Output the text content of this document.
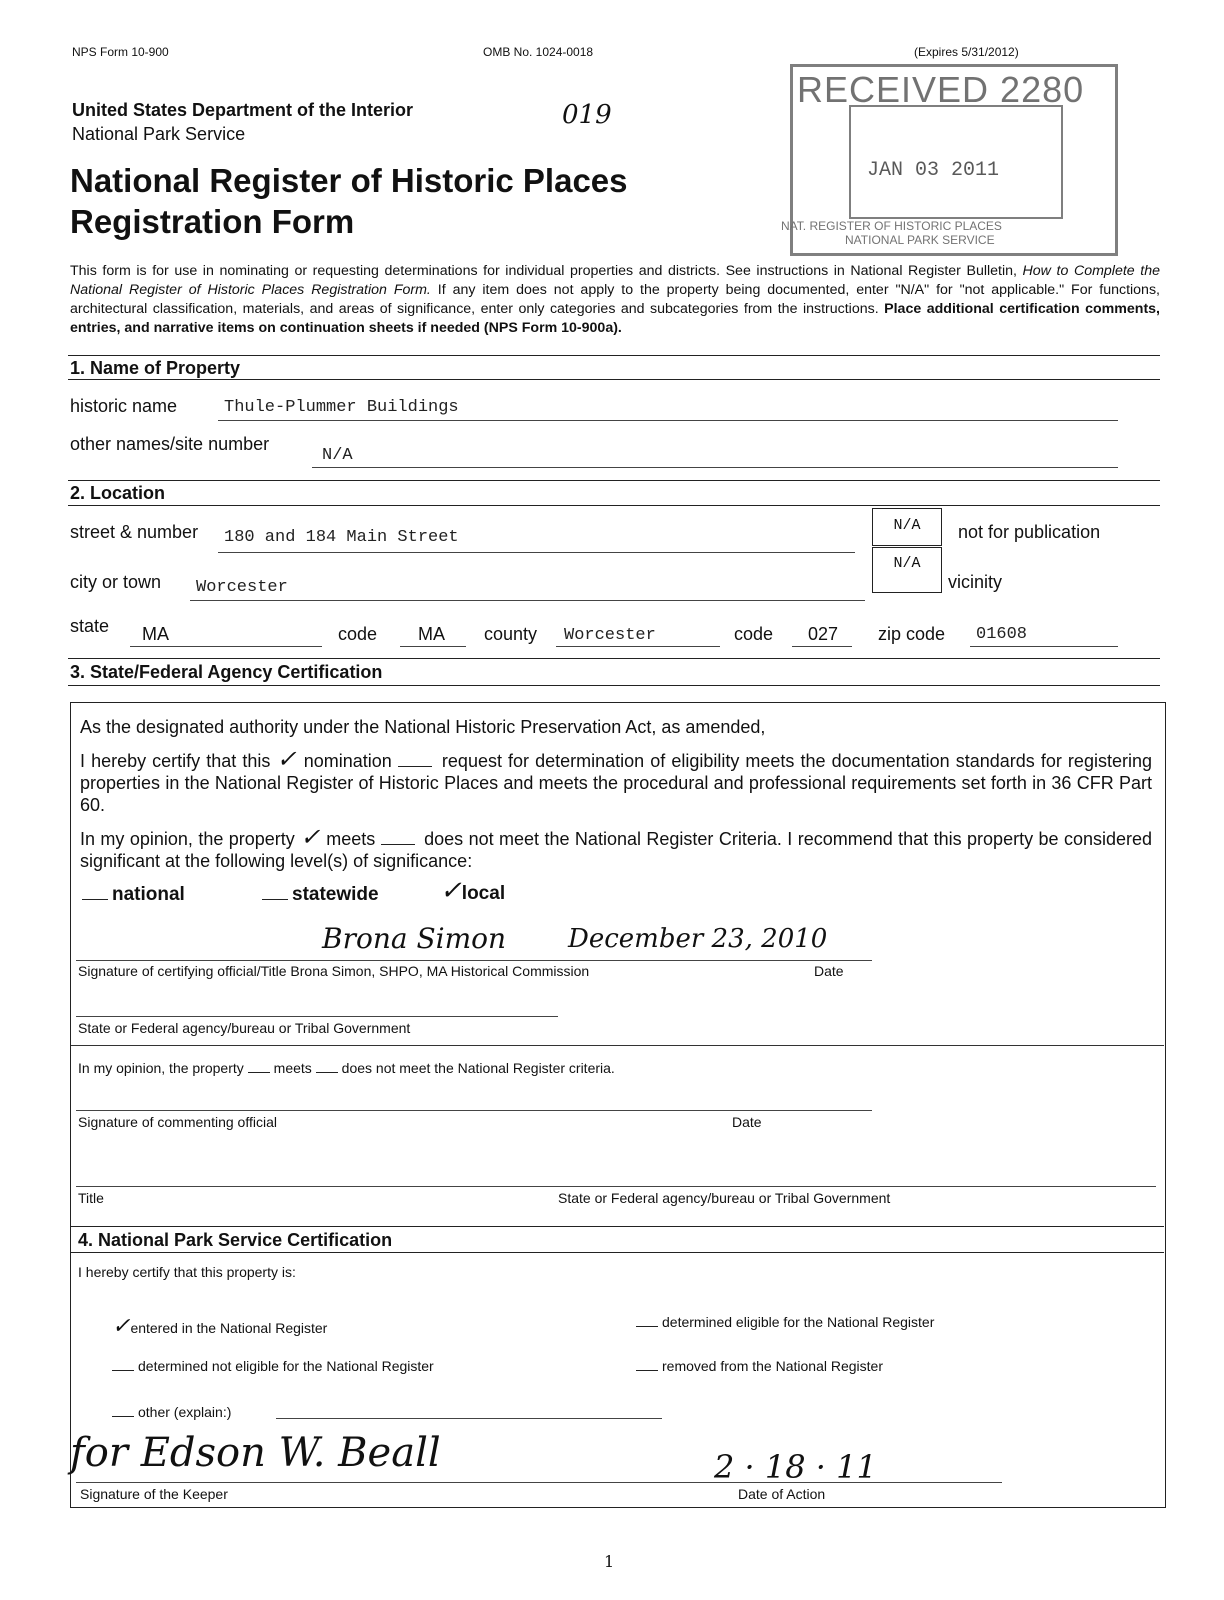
NPS Form 10-900	OMB No. 1024-0018	(Expires 5/31/2012)
United States Department of the Interior
National Park Service
019
National Register of Historic Places
Registration Form
RECEIVED 2280
JAN 03 2011
NAT. REGISTER OF HISTORIC PLACES
NATIONAL PARK SERVICE
This form is for use in nominating or requesting determinations for individual properties and districts. See instructions in National Register Bulletin, How to Complete the National Register of Historic Places Registration Form. If any item does not apply to the property being documented, enter "N/A" for "not applicable." For functions, architectural classification, materials, and areas of significance, enter only categories and subcategories from the instructions. Place additional certification comments, entries, and narrative items on continuation sheets if needed (NPS Form 10-900a).
1. Name of Property
historic name	Thule-Plummer Buildings
other names/site number
N/A
2. Location
street & number 180 and 184 Main Street
N/A	not for publication
city or town Worcester
N/A
vicinity
state MA	code MA county Worcester	code 027 zip code 01608
3. State/Federal Agency Certification
As the designated authority under the National Historic Preservation Act, as amended,
I hereby certify that this ✓ nomination	request for determination of eligibility meets the documentation standards for registering properties in the National Register of Historic Places and meets the procedural and professional requirements set forth in 36 CFR Part 60.
In my opinion, the property ✓ meets	does not meet the National Register Criteria. I recommend that this property be considered significant at the following level(s) of significance:
national	statewide ✓local
Brona Simon December 23, 2010
Signature of certifying official/Title Brona Simon, SHPO, MA Historical Commission	Date
State or Federal agency/bureau or Tribal Government
In my opinion, the property meets does not meet the National Register criteria.
Signature of commenting official	Date
Title	State or Federal agency/bureau or Tribal Government
4. National Park Service Certification
I hereby certify that this property is:
✓entered in the National Register	determined eligible for the National Register
determined not eligible for the National Register	removed from the National Register
other (explain:)
for Edson W. Beall	2 · 18 · 11
Signature of the Keeper	Date of Action
1
